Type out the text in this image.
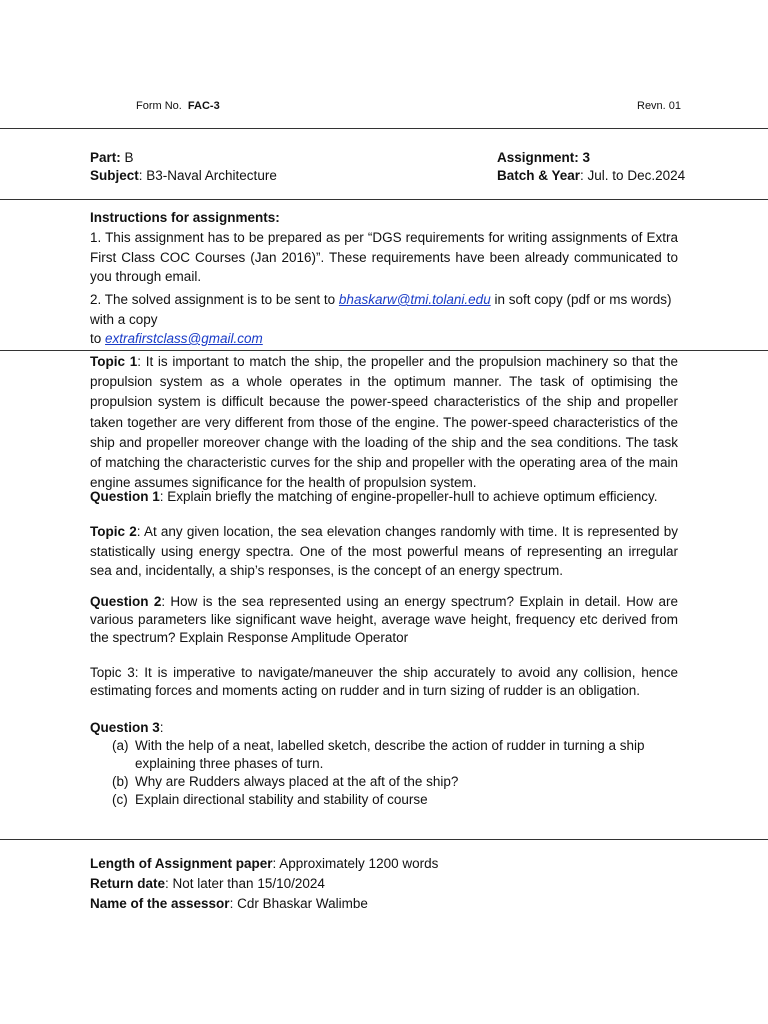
Form No. FAC-3	Revn. 01
Part: B
Subject: B3-Naval Architecture
Assignment: 3
Batch & Year: Jul. to Dec.2024
Instructions for assignments:
1. This assignment has to be prepared as per “DGS requirements for writing assignments of Extra First Class COC Courses (Jan 2016)”. These requirements have been already communicated to you through email.
2. The solved assignment is to be sent to bhaskarw@tmi.tolani.edu in soft copy (pdf or ms words) with a copy
to extrafirstclass@gmail.com
Topic 1: It is important to match the ship, the propeller and the propulsion machinery so that the propulsion system as a whole operates in the optimum manner. The task of optimising the propulsion system is difficult because the power-speed characteristics of the ship and propeller taken together are very different from those of the engine. The power-speed characteristics of the ship and propeller moreover change with the loading of the ship and the sea conditions. The task of matching the characteristic curves for the ship and propeller with the operating area of the main engine assumes significance for the health of propulsion system.
Question 1: Explain briefly the matching of engine-propeller-hull to achieve optimum efficiency.
Topic 2: At any given location, the sea elevation changes randomly with time. It is represented by statistically using energy spectra. One of the most powerful means of representing an irregular sea and, incidentally, a ship’s responses, is the concept of an energy spectrum.
Question 2: How is the sea represented using an energy spectrum? Explain in detail. How are various parameters like significant wave height, average wave height, frequency etc derived from the spectrum? Explain Response Amplitude Operator
Topic 3: It is imperative to navigate/maneuver the ship accurately to avoid any collision, hence estimating forces and moments acting on rudder and in turn sizing of rudder is an obligation.
Question 3:
(a) With the help of a neat, labelled sketch, describe the action of rudder in turning a ship explaining three phases of turn.
(b) Why are Rudders always placed at the aft of the ship?
(c) Explain directional stability and stability of course
Length of Assignment paper: Approximately 1200 words
Return date: Not later than 15/10/2024
Name of the assessor: Cdr Bhaskar Walimbe
